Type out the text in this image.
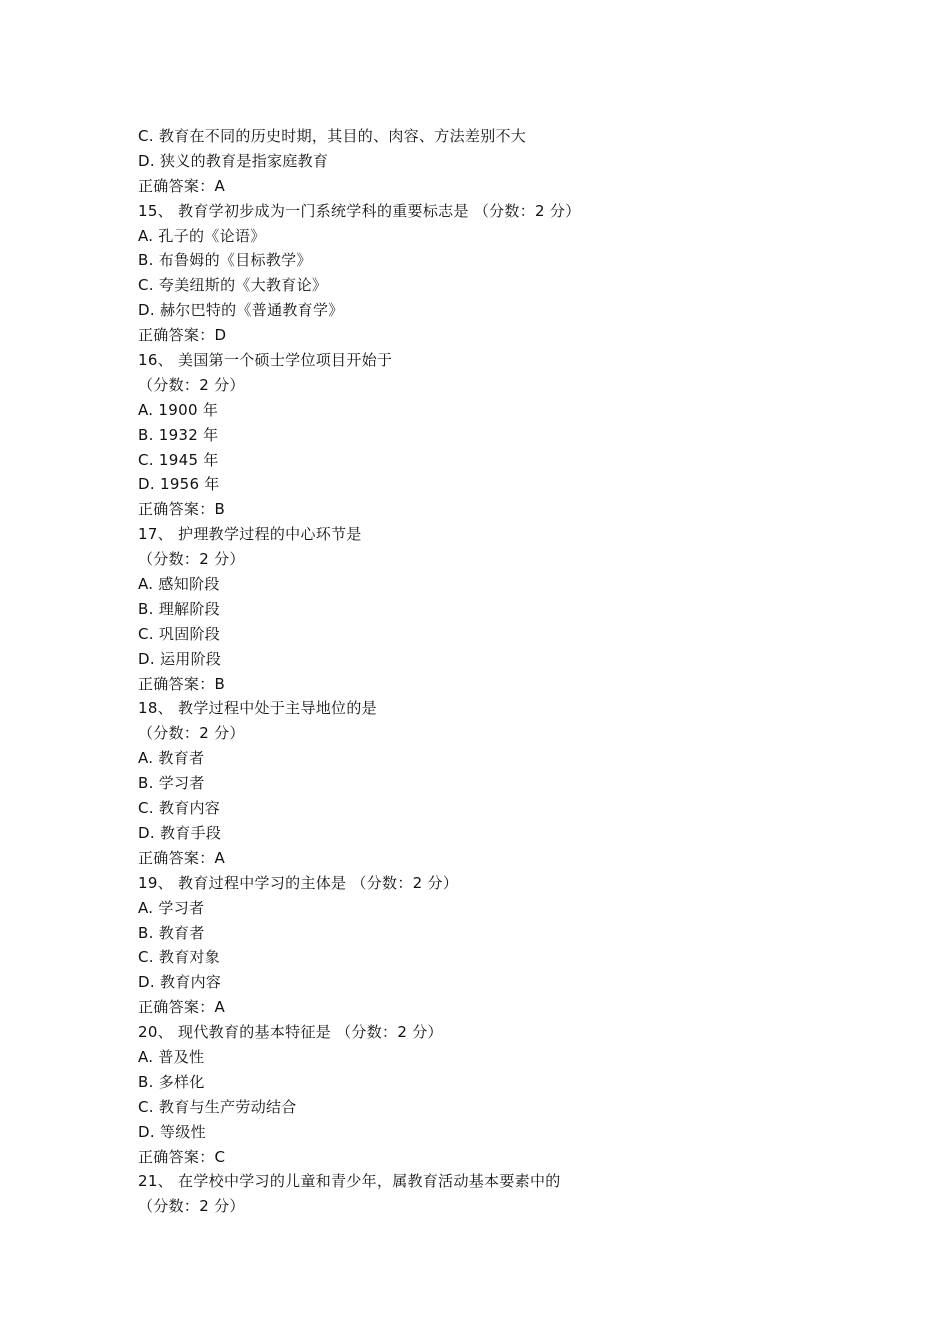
C. 教育在不同的历史时期，其目的、肉容、方法差别不大
D. 狭义的教育是指家庭教育
正确答案：A
15、 教育学初步成为一门系统学科的重要标志是 （分数：2 分）
A. 孔子的《论语》
B. 布鲁姆的《目标教学》
C. 夸美纽斯的《大教育论》
D. 赫尔巴特的《普通教育学》
正确答案：D
16、 美国第一个硕士学位项目开始于
（分数：2 分）
A. 1900 年
B. 1932 年
C. 1945 年
D. 1956 年
正确答案：B
17、 护理教学过程的中心环节是
（分数：2 分）
A. 感知阶段
B. 理解阶段
C. 巩固阶段
D. 运用阶段
正确答案：B
18、 教学过程中处于主导地位的是
（分数：2 分）
A. 教育者
B. 学习者
C. 教育内容
D. 教育手段
正确答案：A
19、 教育过程中学习的主体是 （分数：2 分）
A. 学习者
B. 教育者
C. 教育对象
D. 教育内容
正确答案：A
20、 现代教育的基本特征是 （分数：2 分）
A. 普及性
B. 多样化
C. 教育与生产劳动结合
D. 等级性
正确答案：C
21、 在学校中学习的儿童和青少年，属教育活动基本要素中的
（分数：2 分）
